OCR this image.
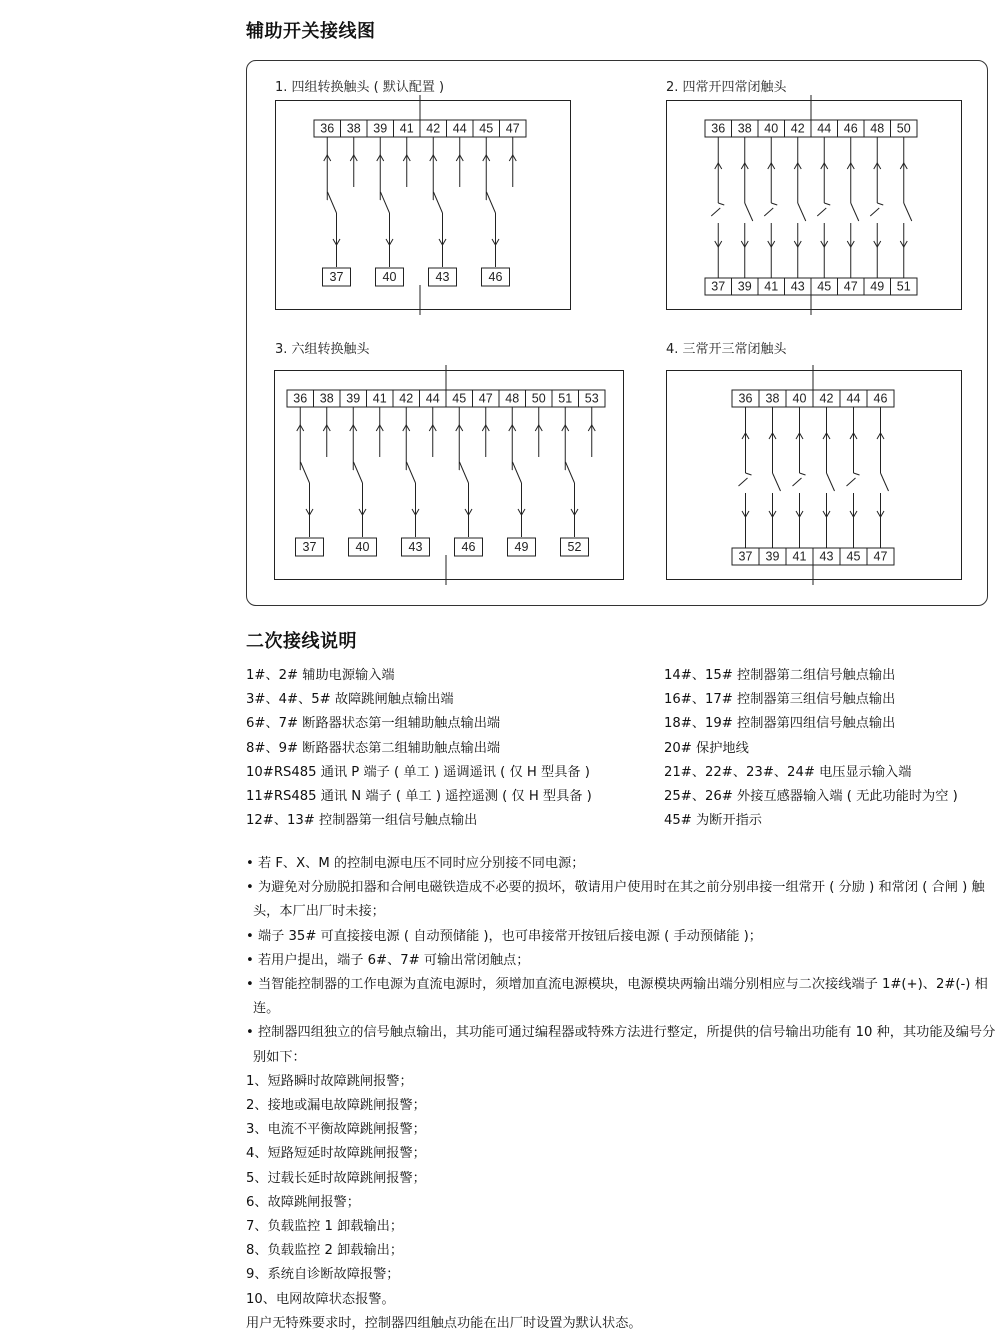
辅助开关接线图
1. 四组转换触头 ( 默认配置 )	2. 四常开四常闭触头
3. 六组转换触头	4. 三常开三常闭触头
36 38 39 41 42 44 45 47
37	40	43	46
36 38 40 42 44 46 48 50
37 39 41 43 45 47 49 51
36 38 39 41 42 44 45 47 48 50 51 53
37	40	43	46	49	52
36 38 40 42 44 46
37 39 41 43 45 47
二次接线说明
1#、2# 辅助电源输入端
3#、4#、5# 故障跳闸触点输出端
6#、7# 断路器状态第一组辅助触点输出端
8#、9# 断路器状态第二组辅助触点输出端
10#RS485 通讯 P 端子 ( 单工 ) 遥调遥讯 ( 仅 H 型具备 )
11#RS485 通讯 N 端子 ( 单工 ) 遥控遥测 ( 仅 H 型具备 )
12#、13# 控制器第一组信号触点输出
14#、15# 控制器第二组信号触点输出
16#、17# 控制器第三组信号触点输出
18#、19# 控制器第四组信号触点输出
20# 保护地线
21#、22#、23#、24# 电压显示输入端
25#、26# 外接互感器输入端 ( 无此功能时为空 )
45# 为断开指示
• 若 F、X、M 的控制电源电压不同时应分别接不同电源；
• 为避免对分励脱扣器和合闸电磁铁造成不必要的损坏，敬请用户使用时在其之前分别串接一组常开 ( 分励 ) 和常闭 ( 合闸 ) 触头，本厂出厂时未接；
• 端子 35# 可直接接电源 ( 自动预储能 )，也可串接常开按钮后接电源 ( 手动预储能 )；
• 若用户提出，端子 6#、7# 可输出常闭触点；
• 当智能控制器的工作电源为直流电源时，须增加直流电源模块，电源模块两输出端分别相应与二次接线端子 1#(+)、2#(-) 相连。
• 控制器四组独立的信号触点输出，其功能可通过编程器或特殊方法进行整定，所提供的信号输出功能有 10 种，其功能及编号分别如下：
1、短路瞬时故障跳闸报警；
2、接地或漏电故障跳闸报警；
3、电流不平衡故障跳闸报警；
4、短路短延时故障跳闸报警；
5、过载长延时故障跳闸报警；
6、故障跳闸报警；
7、负载监控 1 卸载输出；
8、负载监控 2 卸载输出；
9、系统自诊断故障报警；
10、电网故障状态报警。
用户无特殊要求时，控制器四组触点功能在出厂时设置为默认状态。
